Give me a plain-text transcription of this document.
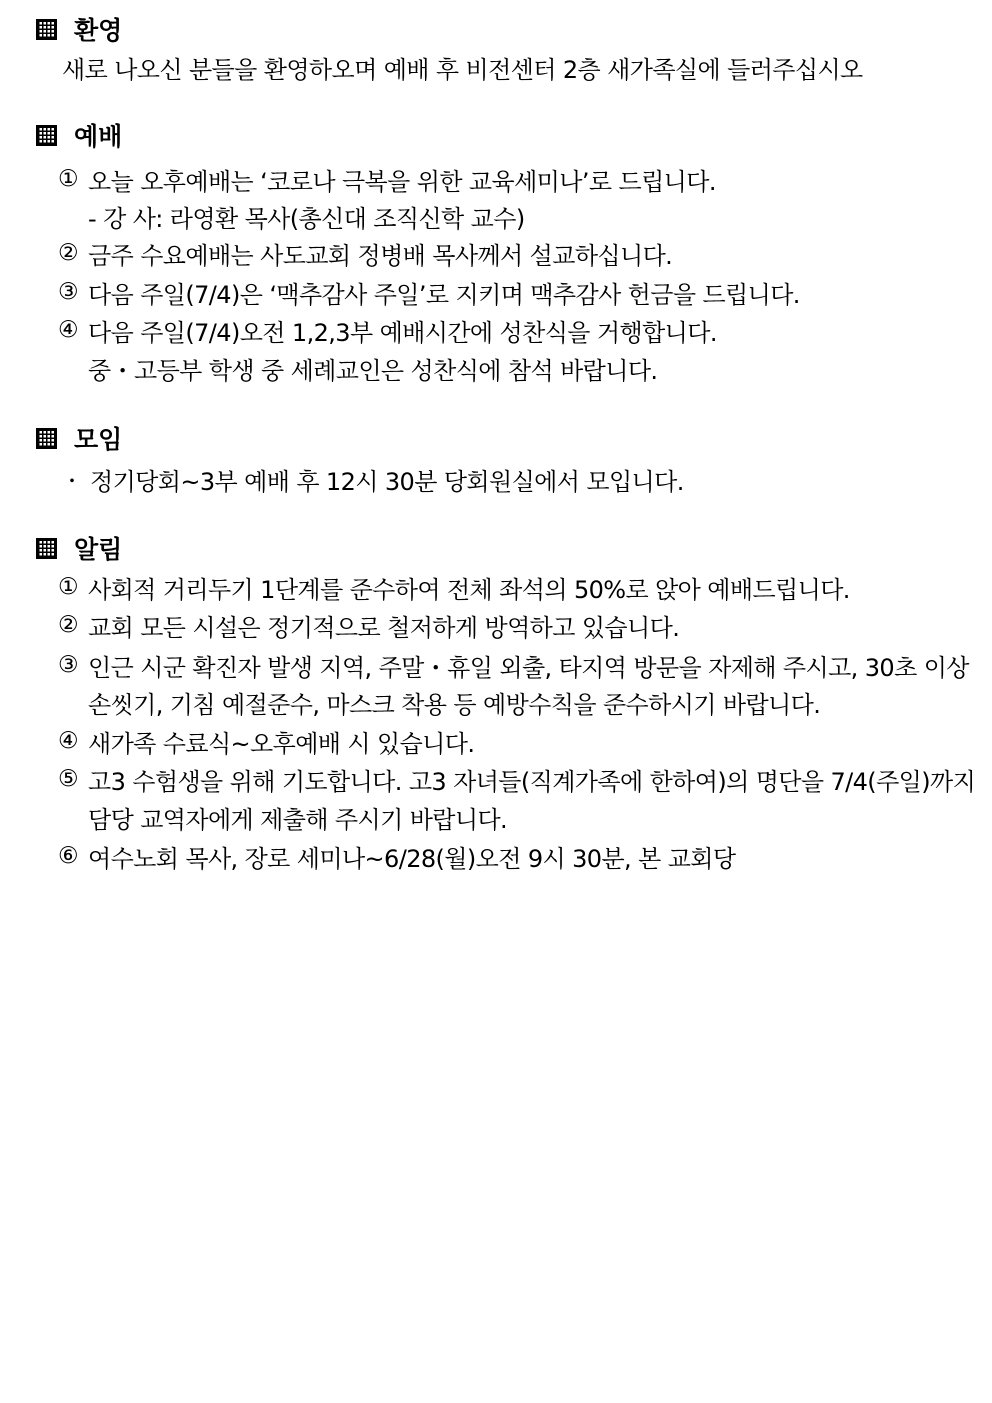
환영
새로 나오신 분들을 환영하오며 예배 후 비전센터 2층 새가족실에 들러주십시오
예배
① 오늘 오후예배는 ‘코로나 극복을 위한 교육세미나’로 드립니다.
- 강 사: 라영환 목사(총신대 조직신학 교수)
② 금주 수요예배는 사도교회 정병배 목사께서 설교하십니다.
③ 다음 주일(7/4)은 ‘맥추감사 주일’로 지키며 맥추감사 헌금을 드립니다.
④ 다음 주일(7/4)오전 1,2,3부 예배시간에 성찬식을 거행합니다.
중・고등부 학생 중 세례교인은 성찬식에 참석 바랍니다.
모임
・ 정기당회~3부 예배 후 12시 30분 당회원실에서 모입니다.
알림
① 사회적 거리두기 1단계를 준수하여 전체 좌석의 50%로 앉아 예배드립니다.
② 교회 모든 시설은 정기적으로 철저하게 방역하고 있습니다.
③ 인근 시군 확진자 발생 지역, 주말・휴일 외출, 타지역 방문을 자제해 주시고, 30초 이상
손씻기, 기침 예절준수, 마스크 착용 등 예방수칙을 준수하시기 바랍니다.
④ 새가족 수료식~오후예배 시 있습니다.
⑤ 고3 수험생을 위해 기도합니다. 고3 자녀들(직계가족에 한하여)의 명단을 7/4(주일)까지
담당 교역자에게 제출해 주시기 바랍니다.
⑥ 여수노회 목사, 장로 세미나~6/28(월)오전 9시 30분, 본 교회당
